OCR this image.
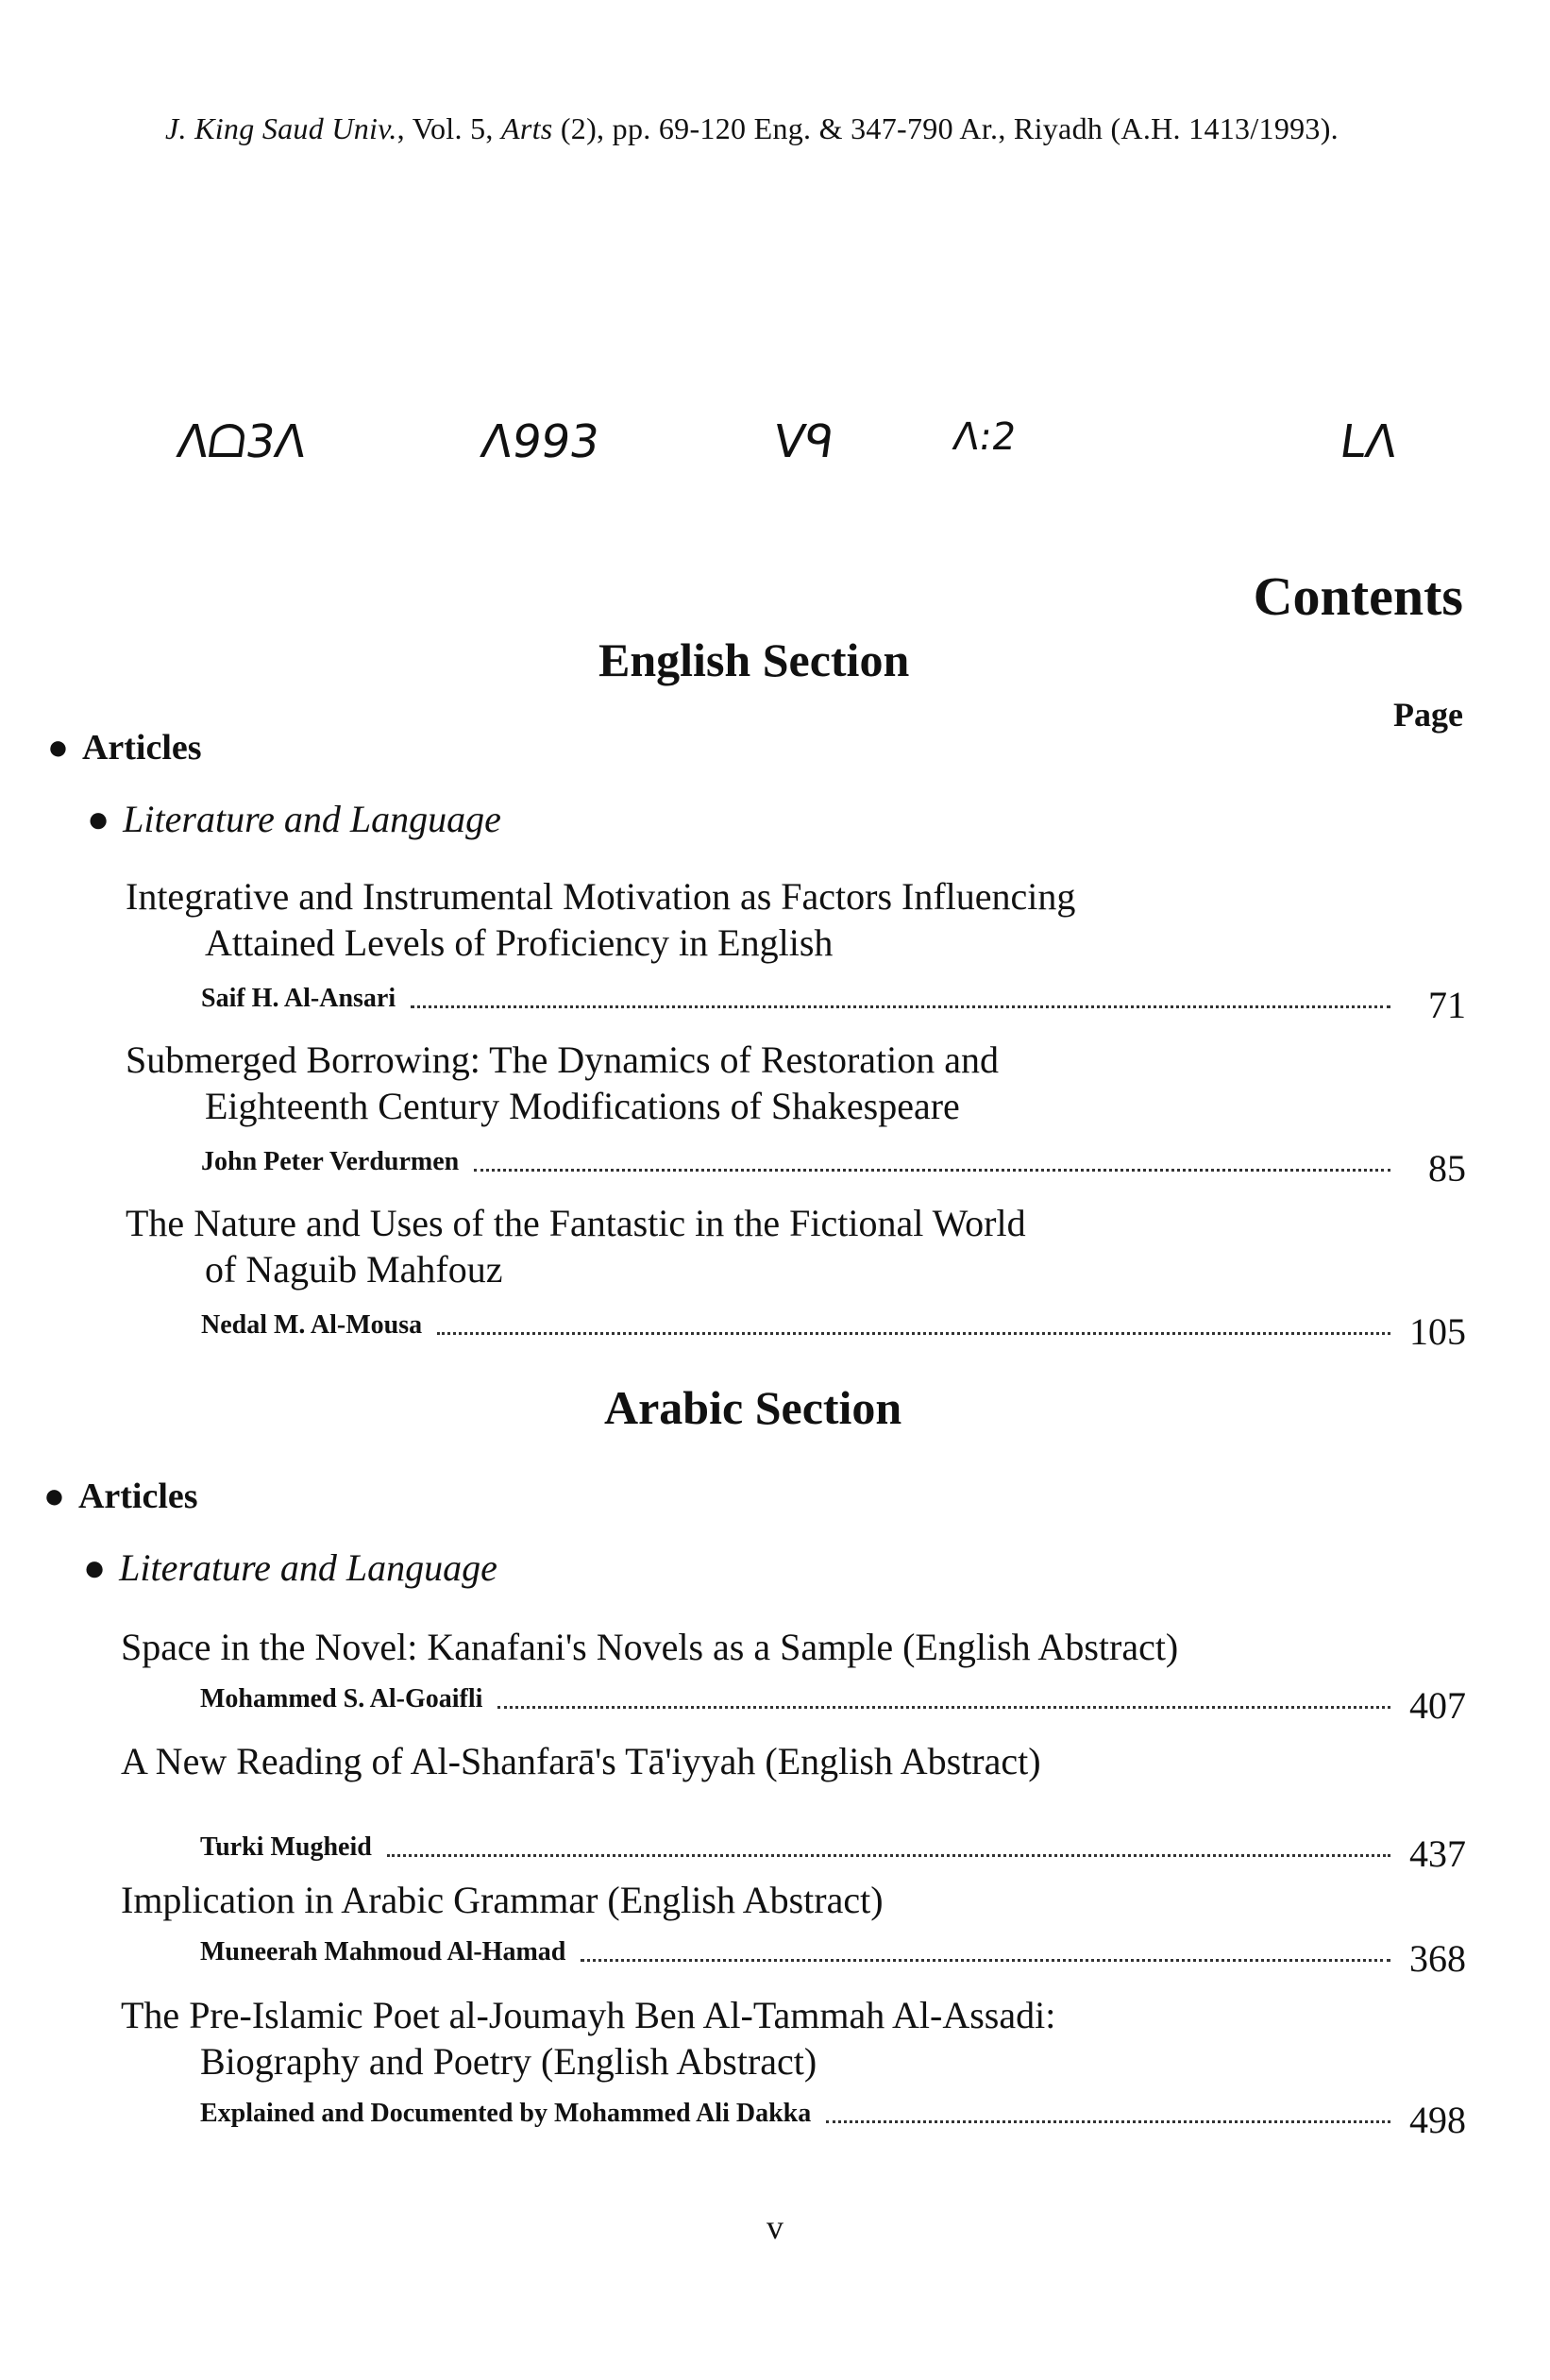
J. King Saud Univ., Vol. 5, Arts (2), pp. 69-120 Eng. & 347-790 Ar., Riyadh (A.H. 1413/1993).
ᐱᗝ3ᐱ	ᐱ993	Vᑫ	ᐱ:2	Lᐱ
Contents
English Section
Page
● Articles
● Literature and Language
Integrative and Instrumental Motivation as Factors Influencing
Attained Levels of Proficiency in English
Saif H. Al-Ansari	71
Submerged Borrowing: The Dynamics of Restoration and
Eighteenth Century Modifications of Shakespeare
John Peter Verdurmen	85
The Nature and Uses of the Fantastic in the Fictional World
of Naguib Mahfouz
Nedal M. Al-Mousa	105
Arabic Section
● Articles
● Literature and Language
Space in the Novel: Kanafani's Novels as a Sample (English Abstract)
Mohammed S. Al-Goaifli	407
A New Reading of Al-Shanfarā's Tā'iyyah (English Abstract)
Turki Mugheid	437
Implication in Arabic Grammar (English Abstract)
Muneerah Mahmoud Al-Hamad	368
The Pre-Islamic Poet al-Joumayh Ben Al-Tammah Al-Assadi:
Biography and Poetry (English Abstract)
Explained and Documented by Mohammed Ali Dakka	498
v
